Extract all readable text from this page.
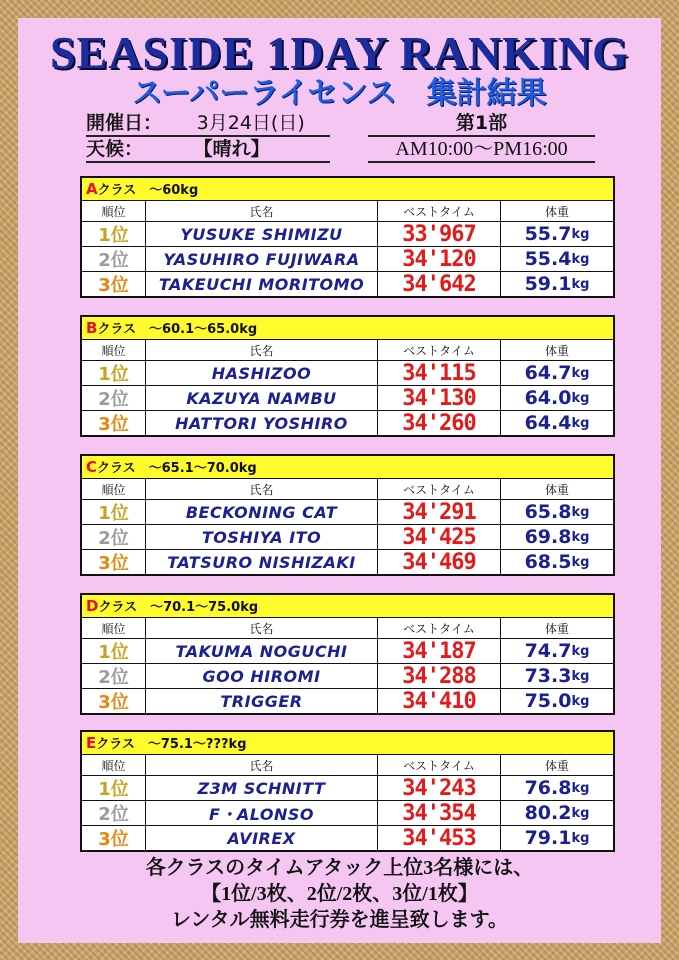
SEASIDE 1DAY RANKING
スーパーライセンス　集計結果
開催日： 3月24日(日)	第1部
天候：	【晴れ】	AM10:00～PM16:00
Aクラス　～60kg
順位	氏名	ベストタイム	体重
1位	YUSUKE SHIMIZU	33'967	55.7 kg
2位	YASUHIRO FUJIWARA	34'120	55.4 kg
3位	TAKEUCHI MORITOMO	34'642	59.1 kg
Bクラス　～60.1～65.0kg
順位	氏名	ベストタイム	体重
1位	HASHIZOO	34'115	64.7 kg
2位	KAZUYA NAMBU	34'130	64.0 kg
3位	HATTORI YOSHIRO	34'260	64.4 kg
Cクラス　～65.1～70.0kg
順位	氏名	ベストタイム	体重
1位	BECKONING CAT	34'291	65.8 kg
2位	TOSHIYA ITO	34'425	69.8 kg
3位	TATSURO NISHIZAKI	34'469	68.5 kg
Dクラス　～70.1～75.0kg
順位	氏名	ベストタイム	体重
1位	TAKUMA NOGUCHI	34'187	74.7 kg
2位	GOO HIROMI	34'288	73.3 kg
3位	TRIGGER	34'410	75.0 kg
Eクラス　～75.1～???kg
順位	氏名	ベストタイム	体重
1位	Z3M SCHNITT	34'243	76.8 kg
2位	F・ALONSO	34'354	80.2 kg
3位	AVIREX	34'453	79.1 kg
各クラスのタイムアタック上位3名様には、
【1位/3枚、2位/2枚、3位/1枚】
レンタル無料走行券を進呈致します。
